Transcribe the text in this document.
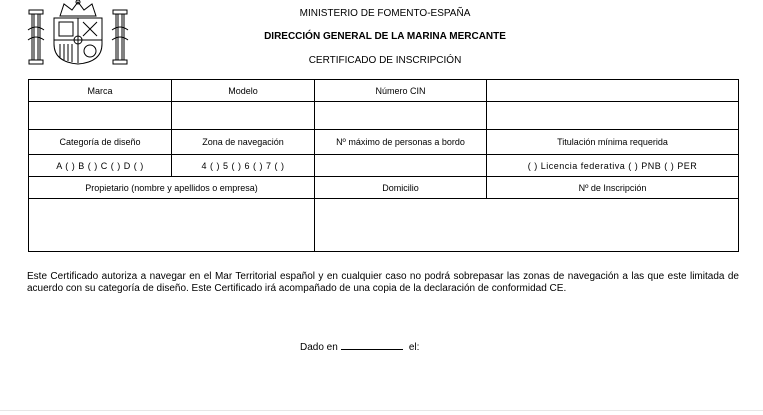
MINISTERIO DE FOMENTO-ESPAÑA
DIRECCIÓN GENERAL DE LA MARINA MERCANTE
CERTIFICADO DE INSCRIPCIÓN
Marca	Modelo	Número CIN	

Categoría de diseño	Zona de navegación	Nº máximo de personas a bordo	Titulación mínima requerida
A ( ) B ( ) C ( ) D ( )	4 ( ) 5 ( ) 6 ( ) 7 ( )		( ) Licencia federativa ( ) PNB ( ) PER
Propietario (nombre y apellidos o empresa)		Domicilio	Nº de Inscripción

Este Certificado autoriza a navegar en el Mar Territorial español y en cualquier caso no podrá sobrepasar las zonas de navegación a las que este limitada de acuerdo con su categoría de diseño. Este Certificado irá acompañado de una copia de la declaración de conformidad CE.
Dado en	el:
